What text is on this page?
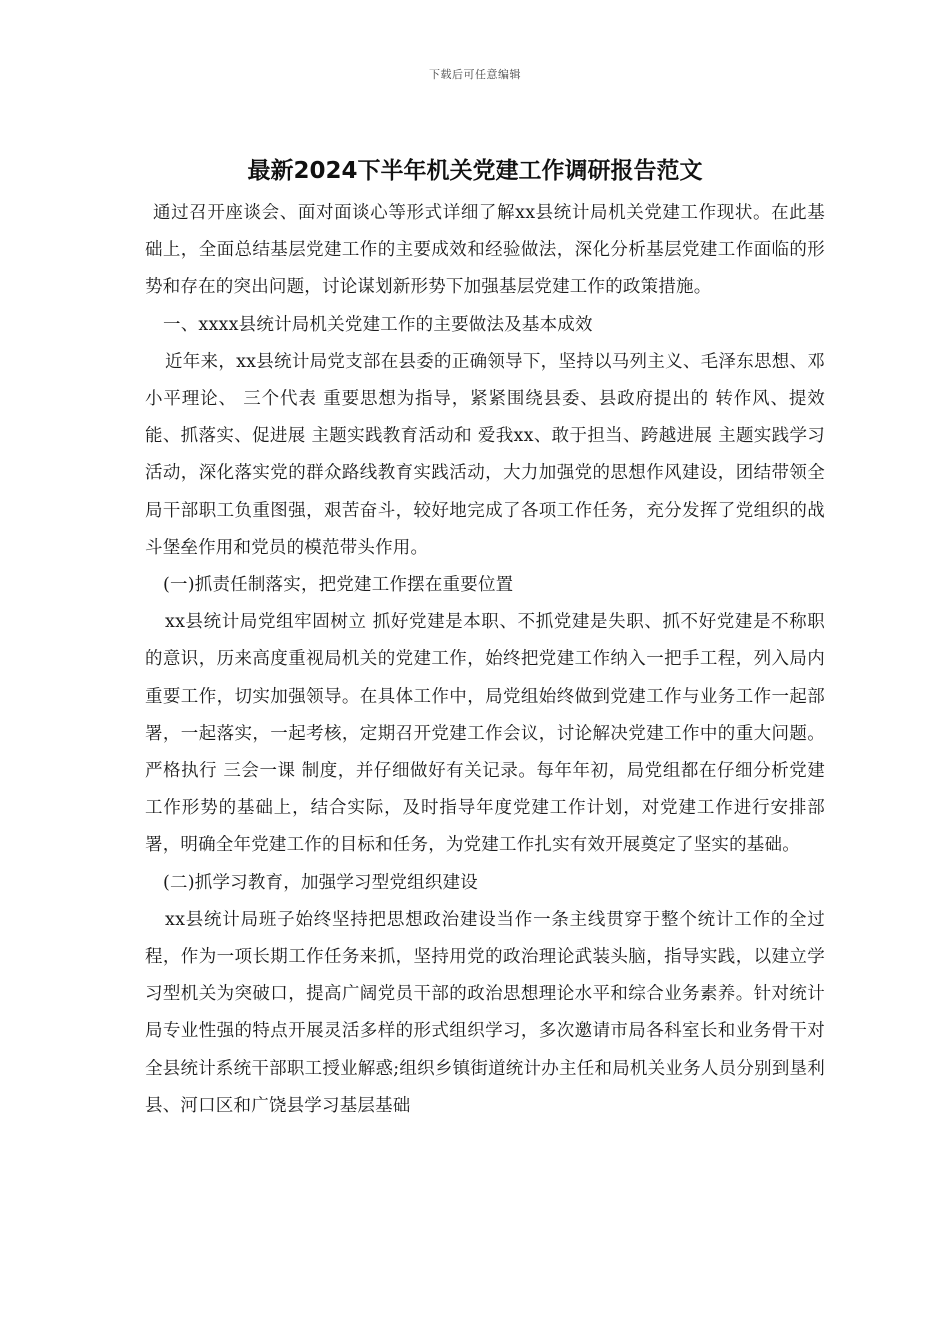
下载后可任意编辑
最新2024下半年机关党建工作调研报告范文

通过召开座谈会、面对面谈心等形式详细了解xx县统计局机关党建工作现状。在此基础上，全面总结基层党建工作的主要成效和经验做法，深化分析基层党建工作面临的形势和存在的突出问题，讨论谋划新形势下加强基层党建工作的政策措施。

一、xxxx县统计局机关党建工作的主要做法及基本成效

近年来，xx县统计局党支部在县委的正确领导下，坚持以马列主义、毛泽东思想、邓小平理论、 三个代表 重要思想为指导，紧紧围绕县委、县政府提出的 转作风、提效能、抓落实、促进展 主题实践教育活动和 爱我xx、敢于担当、跨越进展 主题实践学习活动，深化落实党的群众路线教育实践活动，大力加强党的思想作风建设，团结带领全局干部职工负重图强，艰苦奋斗，较好地完成了各项工作任务，充分发挥了党组织的战斗堡垒作用和党员的模范带头作用。

(一)抓责任制落实，把党建工作摆在重要位置

xx县统计局党组牢固树立 抓好党建是本职、不抓党建是失职、抓不好党建是不称职 的意识，历来高度重视局机关的党建工作，始终把党建工作纳入一把手工程，列入局内重要工作，切实加强领导。在具体工作中，局党组始终做到党建工作与业务工作一起部署，一起落实，一起考核，定期召开党建工作会议，讨论解决党建工作中的重大问题。严格执行 三会一课 制度，并仔细做好有关记录。每年年初，局党组都在仔细分析党建工作形势的基础上，结合实际，及时指导年度党建工作计划，对党建工作进行安排部署，明确全年党建工作的目标和任务，为党建工作扎实有效开展奠定了坚实的基础。

(二)抓学习教育，加强学习型党组织建设

xx县统计局班子始终坚持把思想政治建设当作一条主线贯穿于整个统计工作的全过程，作为一项长期工作任务来抓，坚持用党的政治理论武装头脑，指导实践，以建立学习型机关为突破口，提高广阔党员干部的政治思想理论水平和综合业务素养。针对统计局专业性强的特点开展灵活多样的形式组织学习，多次邀请市局各科室长和业务骨干对全县统计系统干部职工授业解惑;组织乡镇街道统计办主任和局机关业务人员分别到垦利县、河口区和广饶县学习基层基础
